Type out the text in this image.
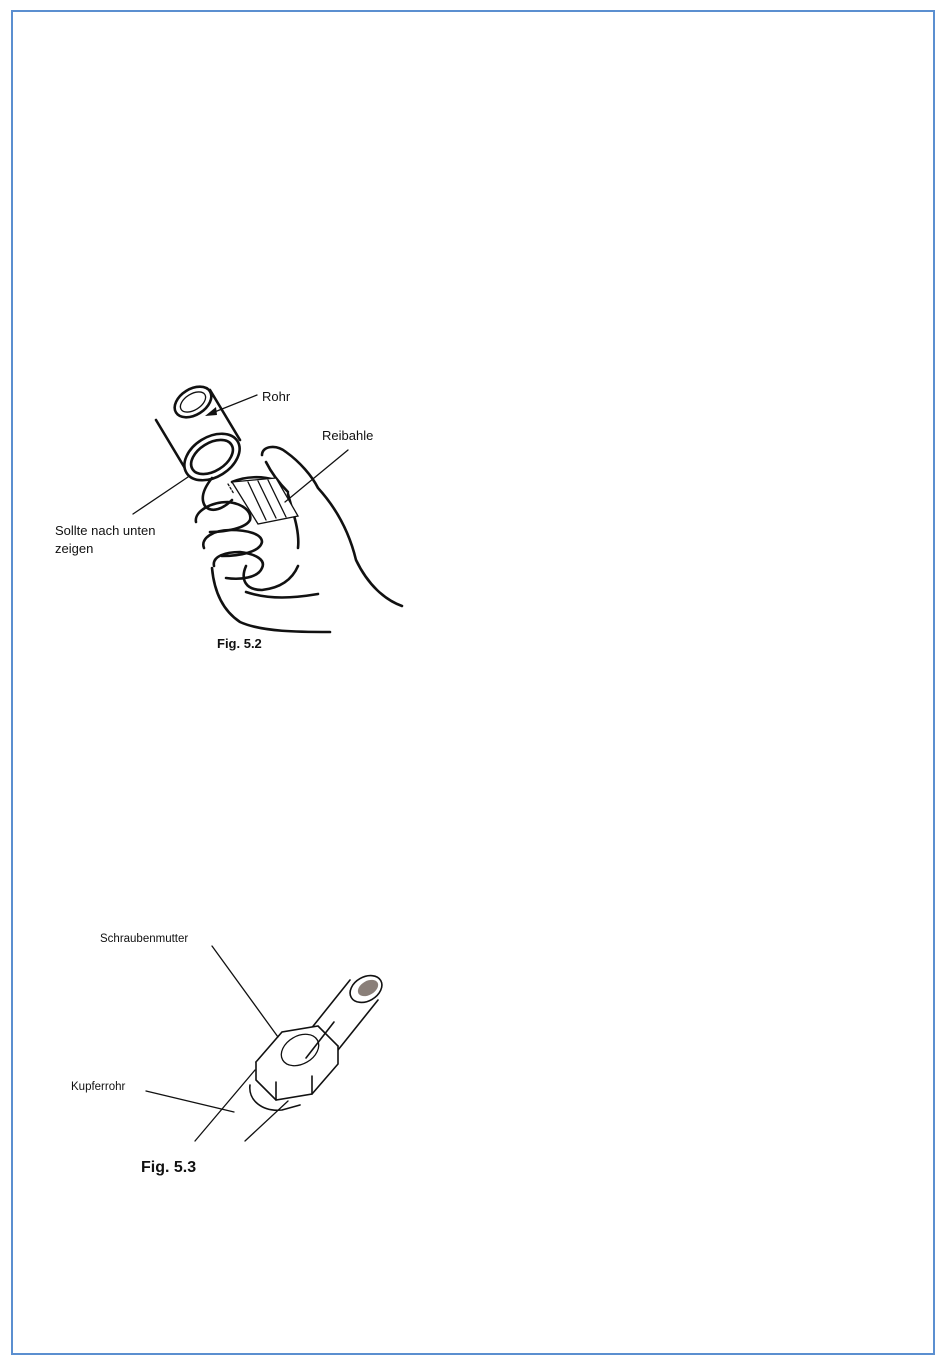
Rohr
Reibahle
Sollte nach unten
zeigen
Fig. 5.2
Schraubenmutter
Kupferrohr
Fig. 5.3
